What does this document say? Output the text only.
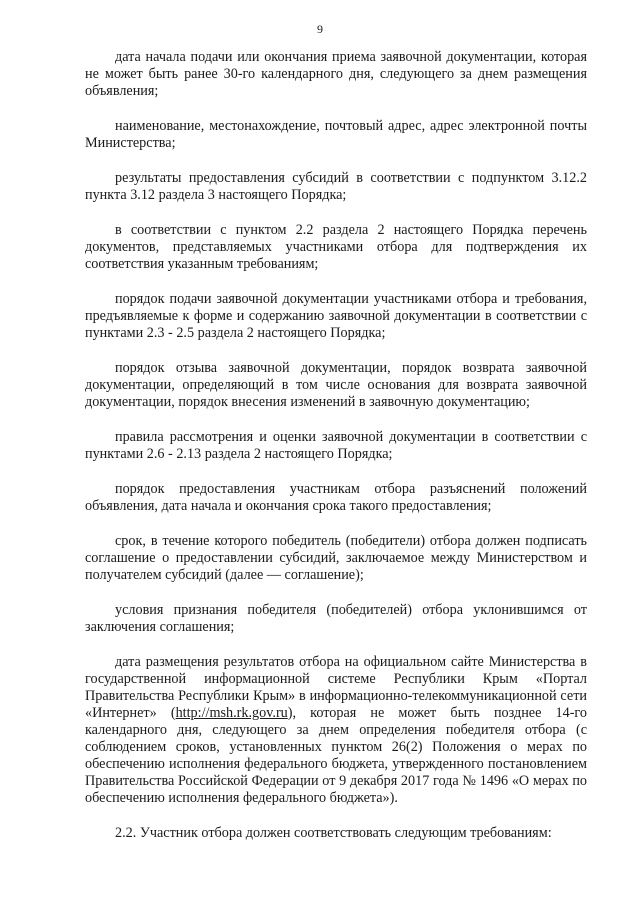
9

дата начала подачи или окончания приема заявочной документации, которая не может быть ранее 30-го календарного дня, следующего за днем размещения объявления;

наименование, местонахождение, почтовый адрес, адрес электронной почты Министерства;

результаты предоставления субсидий в соответствии с подпунктом 3.12.2 пункта 3.12 раздела 3 настоящего Порядка;

в соответствии с пунктом 2.2 раздела 2 настоящего Порядка перечень документов, представляемых участниками отбора для подтверждения их соответствия указанным требованиям;

порядок подачи заявочной документации участниками отбора и требования, предъявляемые к форме и содержанию заявочной документации в соответствии с пунктами 2.3 - 2.5 раздела 2 настоящего Порядка;

порядок отзыва заявочной документации, порядок возврата заявочной документации, определяющий в том числе основания для возврата заявочной документации, порядок внесения изменений в заявочную документацию;

правила рассмотрения и оценки заявочной документации в соответствии с пунктами 2.6 - 2.13 раздела 2 настоящего Порядка;

порядок предоставления участникам отбора разъяснений положений объявления, дата начала и окончания срока такого предоставления;

срок, в течение которого победитель (победители) отбора должен подписать соглашение о предоставлении субсидий, заключаемое между Министерством и получателем субсидий (далее — соглашение);

условия признания победителя (победителей) отбора уклонившимся от заключения соглашения;

дата размещения результатов отбора на официальном сайте Министерства в государственной информационной системе Республики Крым «Портал Правительства Республики Крым» в информационно-телекоммуникационной сети «Интернет» (http://msh.rk.gov.ru), которая не может быть позднее 14-го календарного дня, следующего за днем определения победителя отбора (с соблюдением сроков, установленных пунктом 26(2) Положения о мерах по обеспечению исполнения федерального бюджета, утвержденного постановлением Правительства Российской Федерации от 9 декабря 2017 года № 1496 «О мерах по обеспечению исполнения федерального бюджета»).

2.2. Участник отбора должен соответствовать следующим требованиям:
